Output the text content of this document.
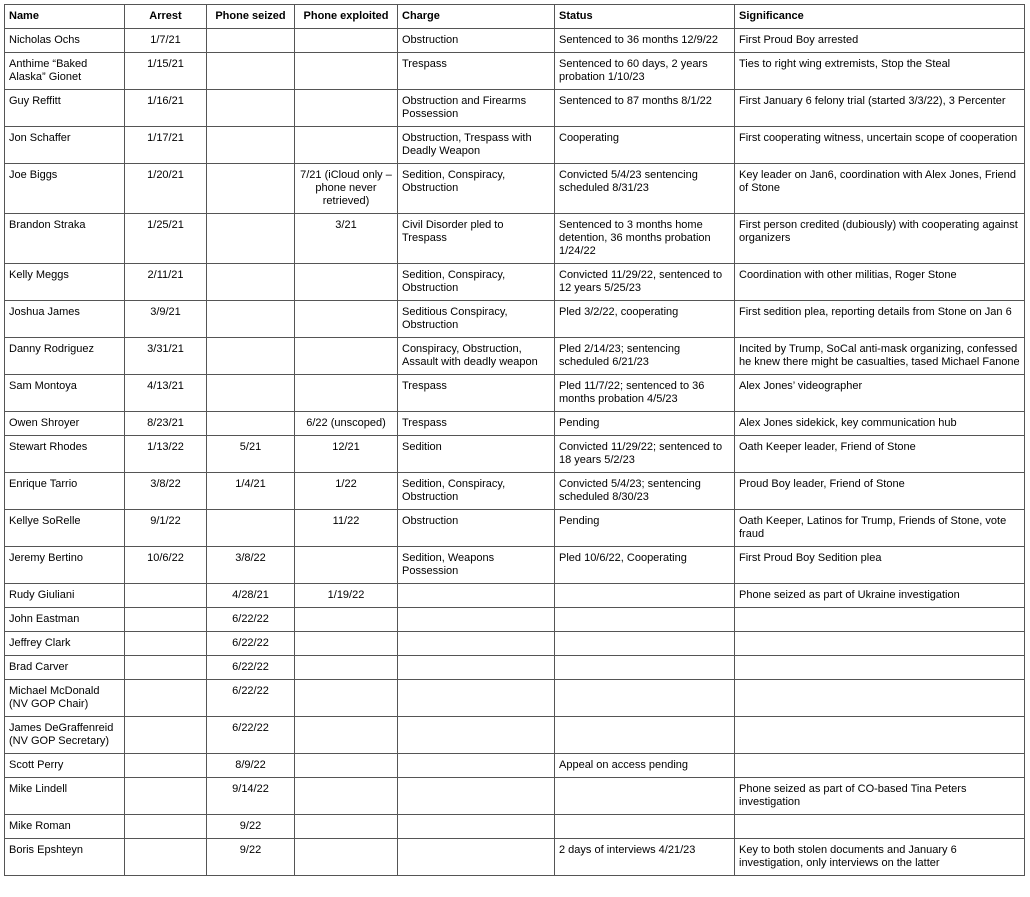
Name	Arrest	Phone seized	Phone exploited	Charge	Status	Significance
Nicholas Ochs	1/7/21			Obstruction	Sentenced to 36 months 12/9/22	First Proud Boy arrested
Anthime “Baked Alaska” Gionet	1/15/21			Trespass	Sentenced to 60 days, 2 years probation 1/10/23	Ties to right wing extremists, Stop the Steal
Guy Reffitt	1/16/21			Obstruction and Firearms Possession	Sentenced to 87 months 8/1/22	First January 6 felony trial (started 3/3/22), 3 Percenter
Jon Schaffer	1/17/21			Obstruction, Trespass with Deadly Weapon	Cooperating	First cooperating witness, uncertain scope of cooperation
Joe Biggs	1/20/21		7/21 (iCloud only – phone never retrieved)	Sedition, Conspiracy, Obstruction	Convicted 5/4/23 sentencing scheduled 8/31/23	Key leader on Jan6, coordination with Alex Jones, Friend of Stone
Brandon Straka	1/25/21		3/21	Civil Disorder pled to Trespass	Sentenced to 3 months home detention, 36 months probation 1/24/22	First person credited (dubiously) with cooperating against organizers
Kelly Meggs	2/11/21			Sedition, Conspiracy, Obstruction	Convicted 11/29/22, sentenced to 12 years 5/25/23	Coordination with other militias, Roger Stone
Joshua James	3/9/21			Seditious Conspiracy, Obstruction	Pled 3/2/22, cooperating	First sedition plea, reporting details from Stone on Jan 6
Danny Rodriguez	3/31/21			Conspiracy, Obstruction, Assault with deadly weapon	Pled 2/14/23; sentencing scheduled 6/21/23	Incited by Trump, SoCal anti-mask organizing, confessed he knew there might be casualties, tased Michael Fanone
Sam Montoya	4/13/21			Trespass	Pled 11/7/22; sentenced to 36 months probation 4/5/23	Alex Jones’ videographer
Owen Shroyer	8/23/21		6/22 (unscoped)	Trespass	Pending	Alex Jones sidekick, key communication hub
Stewart Rhodes	1/13/22	5/21	12/21	Sedition	Convicted 11/29/22; sentenced to 18 years 5/2/23	Oath Keeper leader, Friend of Stone
Enrique Tarrio	3/8/22	1/4/21	1/22	Sedition, Conspiracy, Obstruction	Convicted 5/4/23; sentencing scheduled 8/30/23	Proud Boy leader, Friend of Stone
Kellye SoRelle	9/1/22		11/22	Obstruction	Pending	Oath Keeper, Latinos for Trump, Friends of Stone, vote fraud
Jeremy Bertino	10/6/22	3/8/22		Sedition, Weapons Possession	Pled 10/6/22, Cooperating	First Proud Boy Sedition plea
Rudy Giuliani		4/28/21	1/19/22			Phone seized as part of Ukraine investigation
John Eastman		6/22/22				
Jeffrey Clark		6/22/22				
Brad Carver		6/22/22				
Michael McDonald (NV GOP Chair)		6/22/22				
James DeGraffenreid (NV GOP Secretary)		6/22/22				
Scott Perry		8/9/22			Appeal on access pending	
Mike Lindell		9/14/22				Phone seized as part of CO-based Tina Peters investigation
Mike Roman		9/22				
Boris Epshteyn		9/22			2 days of interviews 4/21/23	Key to both stolen documents and January 6 investigation, only interviews on the latter
